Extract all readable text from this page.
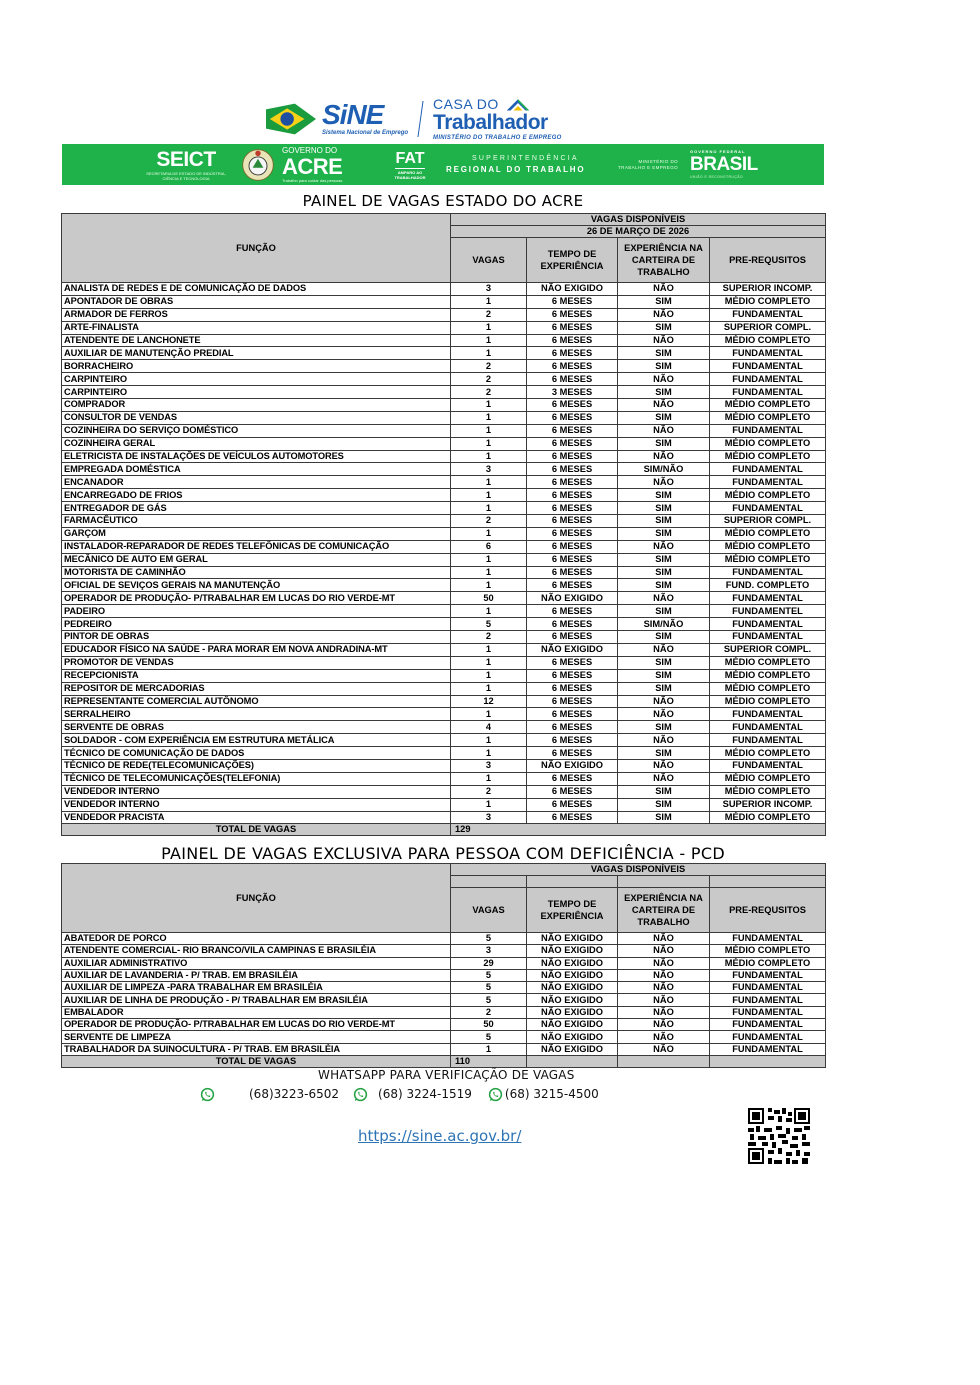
SiNE
Sistema Nacional de Emprego
CASA DO
Trabalhador
MINISTÉRIO DO TRABALHO E EMPREGO
SEICT
SECRETARIA DE ESTADO DE INDÚSTRIA, CIÊNCIA E TECNOLOGIA
GOVERNO DO
ACRE
Trabalho para cuidar das pessoas
FAT
AMPARO AO TRABALHADOR
SUPERINTENDÊNCIA
REGIONAL DO TRABALHO
MINISTÉRIO DO TRABALHO E EMPREGO
GOVERNO FEDERAL
BRASIL
UNIÃO E RECONSTRUÇÃO
PAINEL DE VAGAS ESTADO DO ACRE
FUNÇÃO	VAGAS DISPONÍVEIS			
	26 DE MARÇO DE 2026			
	VAGAS	TEMPO DE EXPERIÊNCIA	EXPERIÊNCIA NA CARTEIRA DE TRABALHO	PRE-REQUSITOS
ANALISTA DE REDES E DE COMUNICAÇÃO DE DADOS	3	NÃO EXIGIDO	NÃO	SUPERIOR INCOMP.
APONTADOR DE OBRAS	1	6 MESES	SIM	MÉDIO COMPLETO
ARMADOR DE FERROS	2	6 MESES	NÃO	FUNDAMENTAL
ARTE-FINALISTA	1	6 MESES	SIM	SUPERIOR COMPL.
ATENDENTE DE LANCHONETE	1	6 MESES	NÃO	MÉDIO COMPLETO
AUXILIAR DE MANUTENÇÃO PREDIAL	1	6 MESES	SIM	FUNDAMENTAL
BORRACHEIRO	2	6 MESES	SIM	FUNDAMENTAL
CARPINTEIRO	2	6 MESES	NÃO	FUNDAMENTAL
CARPINTEIRO	2	3 MESES	SIM	FUNDAMENTAL
COMPRADOR	1	6 MESES	NÃO	MÉDIO COMPLETO
CONSULTOR DE VENDAS	1	6 MESES	SIM	MÉDIO COMPLETO
COZINHEIRA DO SERVIÇO DOMÉSTICO	1	6 MESES	NÃO	FUNDAMENTAL
COZINHEIRA GERAL	1	6 MESES	SIM	MÉDIO COMPLETO
ELETRICISTA DE INSTALAÇÕES DE VEÍCULOS AUTOMOTORES	1	6 MESES	NÃO	MÉDIO COMPLETO
EMPREGADA DOMÉSTICA	3	6 MESES	SIM/NÃO	FUNDAMENTAL
ENCANADOR	1	6 MESES	NÃO	FUNDAMENTAL
ENCARREGADO DE FRIOS	1	6 MESES	SIM	MÉDIO COMPLETO
ENTREGADOR DE GÁS	1	6 MESES	SIM	FUNDAMENTAL
FARMACÊUTICO	2	6 MESES	SIM	SUPERIOR COMPL.
GARÇOM	1	6 MESES	SIM	MÉDIO COMPLETO
INSTALADOR-REPARADOR DE REDES TELEFÔNICAS DE COMUNICAÇÃO	6	6 MESES	NÃO	MÉDIO COMPLETO
MECÂNICO DE AUTO EM GERAL	1	6 MESES	SIM	MÉDIO COMPLETO
MOTORISTA DE CAMINHÃO	1	6 MESES	SIM	FUNDAMENTAL
OFICIAL DE SEVIÇOS GERAIS NA MANUTENÇÃO	1	6 MESES	SIM	FUND. COMPLETO
OPERADOR DE PRODUÇÃO- P/TRABALHAR EM LUCAS DO RIO VERDE-MT	50	NÃO EXIGIDO	NÃO	FUNDAMENTAL
PADEIRO	1	6 MESES	SIM	FUNDAMENTEL
PEDREIRO	5	6 MESES	SIM/NÃO	FUNDAMENTAL
PINTOR DE OBRAS	2	6 MESES	SIM	FUNDAMENTAL
EDUCADOR FÍSICO NA SAÚDE - PARA MORAR EM NOVA ANDRADINA-MT	1	NÃO EXIGIDO	NÃO	SUPERIOR COMPL.
PROMOTOR DE VENDAS	1	6 MESES	SIM	MÉDIO COMPLETO
RECEPCIONISTA	1	6 MESES	SIM	MÉDIO COMPLETO
REPOSITOR DE MERCADORIAS	1	6 MESES	SIM	MÉDIO COMPLETO
REPRESENTANTE COMERCIAL AUTÔNOMO	12	6 MESES	NÃO	MÉDIO COMPLETO
SERRALHEIRO	1	6 MESES	NÃO	FUNDAMENTAL
SERVENTE DE OBRAS	4	6 MESES	SIM	FUNDAMENTAL
SOLDADOR - COM EXPERIÊNCIA EM ESTRUTURA METÁLICA	1	6 MESES	NÃO	FUNDAMENTAL
TÉCNICO DE COMUNICAÇÃO DE DADOS	1	6 MESES	SIM	MÉDIO COMPLETO
TÉCNICO DE REDE(TELECOMUNICAÇÕES)	3	NÃO EXIGIDO	NÃO	FUNDAMENTAL
TÉCNICO DE TELECOMUNICAÇÕES(TELEFONIA)	1	6 MESES	NÃO	MÉDIO COMPLETO
VENDEDOR INTERNO	2	6 MESES	SIM	MÉDIO COMPLETO
VENDEDOR INTERNO	1	6 MESES	SIM	SUPERIOR INCOMP.
VENDEDOR PRACISTA	3	6 MESES	SIM	MÉDIO COMPLETO
TOTAL DE VAGAS	129			
PAINEL DE VAGAS EXCLUSIVA PARA PESSOA COM DEFICIÊNCIA - PCD
FUNÇÃO	VAGAS DISPONÍVEIS			

	VAGAS	TEMPO DE EXPERIÊNCIA	EXPERIÊNCIA NA CARTEIRA DE TRABALHO	PRE-REQUSITOS
ABATEDOR DE PORCO	5	NÃO EXIGIDO	NÃO	FUNDAMENTAL
ATENDENTE COMERCIAL- RIO BRANCO/VILA CAMPINAS E BRASILÉIA	3	NÃO EXIGIDO	NÃO	MÉDIO COMPLETO
AUXILIAR ADMINISTRATIVO	29	NÃO EXIGIDO	NÃO	MÉDIO COMPLETO
AUXILIAR DE LAVANDERIA - P/ TRAB. EM BRASILÉIA	5	NÃO EXIGIDO	NÃO	FUNDAMENTAL
AUXILIAR DE LIMPEZA -PARA TRABALHAR EM BRASILÉIA	5	NÃO EXIGIDO	NÃO	FUNDAMENTAL
AUXILIAR DE LINHA DE PRODUÇÃO - P/ TRABALHAR EM BRASILÉIA	5	NÃO EXIGIDO	NÃO	FUNDAMENTAL
EMBALADOR	2	NÃO EXIGIDO	NÃO	FUNDAMENTAL
OPERADOR DE PRODUÇÃO- P/TRABALHAR EM LUCAS DO RIO VERDE-MT	50	NÃO EXIGIDO	NÃO	FUNDAMENTAL
SERVENTE DE LIMPEZA	5	NÃO EXIGIDO	NÃO	FUNDAMENTAL
TRABALHADOR DA SUINOCULTURA - P/ TRAB. EM BRASILÉIA	1	NÃO EXIGIDO	NÃO	FUNDAMENTAL
TOTAL DE VAGAS	110			
WHATSAPP PARA VERIFICAÇÃO DE VAGAS
(68)3223-6502	(68) 3224-1519	(68) 3215-4500
https://sine.ac.gov.br/
